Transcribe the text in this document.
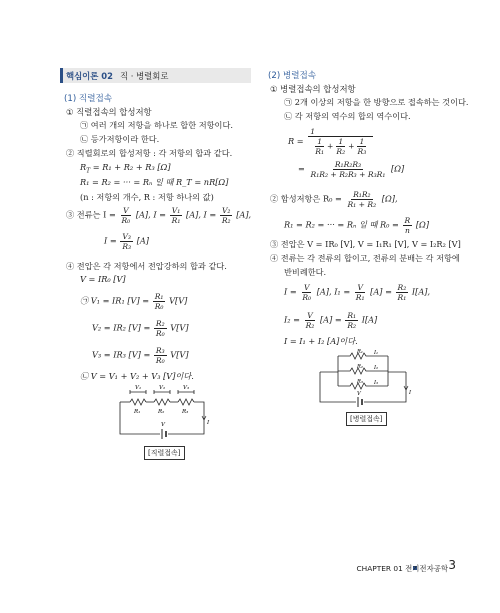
핵심이론 02 직 · 병렬회로
(1) 직렬접속
① 직렬접속의 합성저항
㉠ 여러 개의 저항을 하나로 합한 저항이다.
㉡ 등가저항이라 한다.
② 직렬회로의 합성저항 : 각 저항의 합과 같다.
$R_T = R_1 + R_2 + R_3$ [Ω]
R₁ = R₂ = ··· = Rₙ 일 때 R_T = nR[Ω]
(n : 저항의 개수, R : 저항 하나의 값)
③ 전류는 $I = \frac{V}{\text{R₀}} [A]$, $I = \frac{\text{V₁}}{\text{R₁}} [A]$, $I = \frac{\text{V₂}}{\text{R₂}} [A]$,
$I = \frac{\text{V₃}}{\text{R₃}} [A]$
④ 전압은 각 저항에서 전압강하의 합과 같다.
V = IR₀ [V]
㉠ V₁ = IR₁ $[V] = \frac{\text{R₁}}{\text{R₀}} V[V]$
V₂ = IR₂ $[V] = \frac{\text{R₂}}{\text{R₀}} V[V]$
V₃ = IR₃ $[V] = \frac{\text{R₃}}{\text{R₀}} V[V]$
㉡ V = V₁ + V₂ + V₃ [V]이다.
V₁	V₂	V₃
R₁	R₂	R₃
V	I
[직렬접속]
(2) 병렬접속
① 병렬접속의 합성저항
㉠ 2개 이상의 저항을 한 방향으로 접속하는 것이다.
㉡ 각 저항의 역수의 합의 역수이다.
$R = \frac{1}{\frac{1}{\text{R₁}} + \frac{1}{\text{R₂}} + \frac{1}{\text{R₃}}}$
= $\frac{\text{R₁R₂R₃}}{\text{R₁R₂ + R₂R₃ + R₃R₁}} [\Omega]$
② 합성저항은 $R_0 = \frac{\text{R₁R₂}}{\text{R₁ + R₂}} [\Omega]$,
R₁ = R₂ = ··· = Rₙ 일 때 $R_0 = \frac{R}{n} [\Omega]$
③ 전압은 V = IR₀ [V], V = I₁R₁ [V], V = I₂R₂ [V]
④ 전류는 각 전류의 합이고, 전류의 분배는 각 저항에
반비례한다.
$I = \frac{V}{\text{R₀}} [A]$, $I_1 = \frac{V}{\text{R₁}} [A] = \frac{\text{R₂}}{\text{R₁}} I[A]$,
$I_2 = \frac{V}{\text{R₂}} [A] = \frac{\text{R₁}}{\text{R₂}} I[A]$
I = I₁ + I₂ [A]이다.
R₁
R₂
R₃
I₁
I₂
I₃
V	I
[병렬접속]
CHAPTER 01 전기전자공학 3
